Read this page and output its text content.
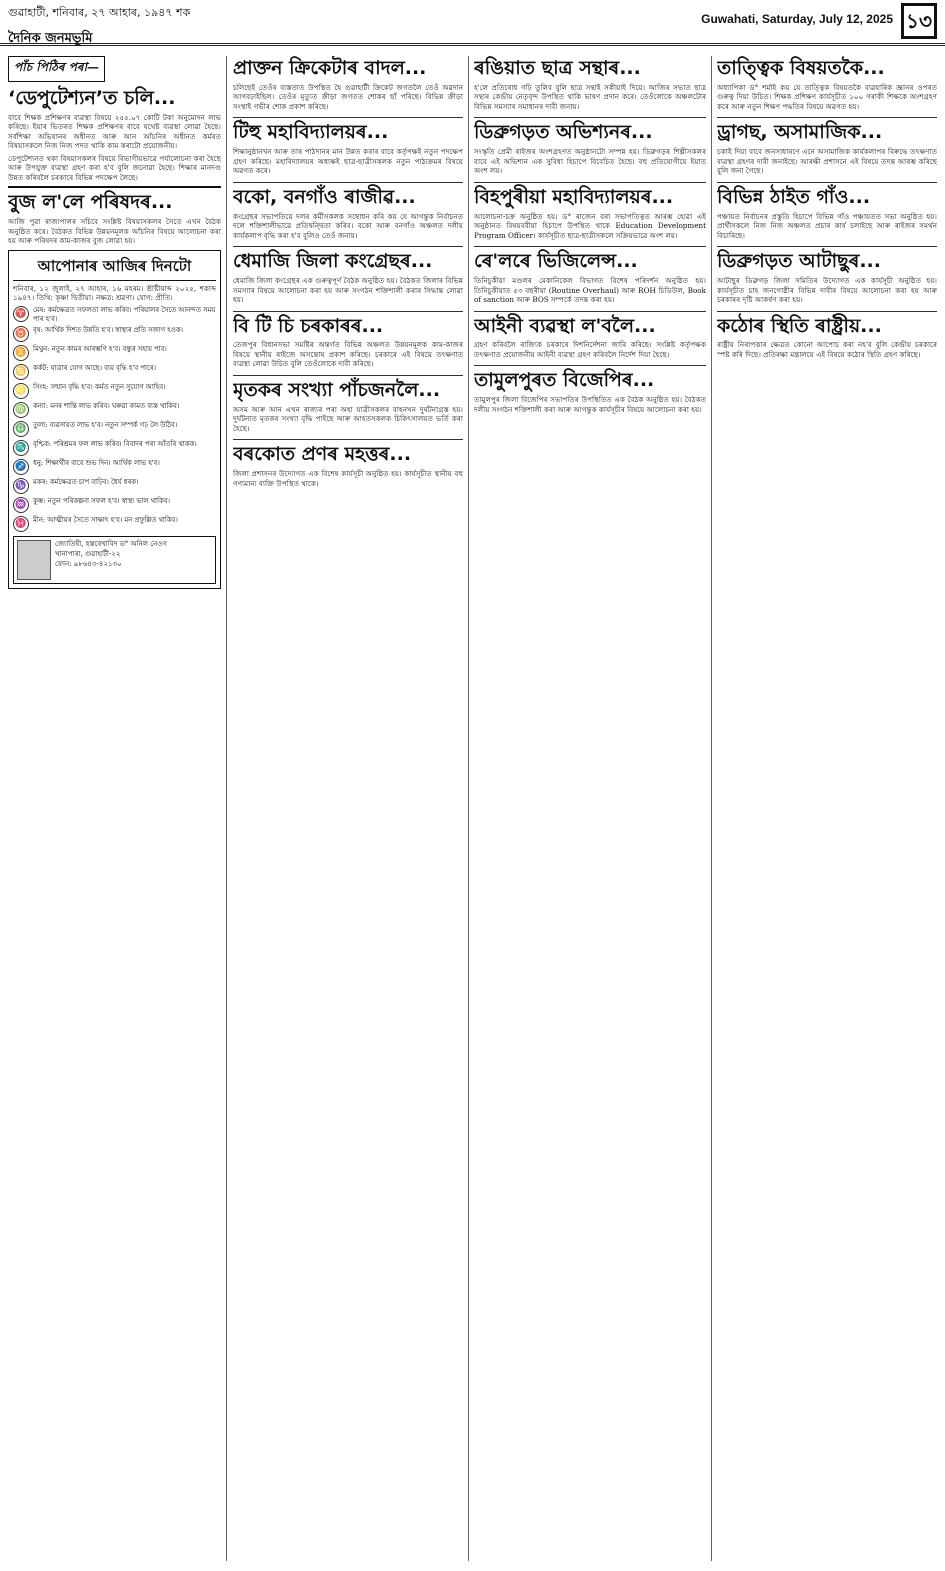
গুৱাহাটী, শনিবাৰ, ২৭ আহাৰ, ১৯৪৭ শক
দৈনিক জনমভূমি
Guwahati, Saturday, July 12, 2025 ১৩
পাঁচ পিঠিৰ পৰা—
‘ডেপুটেশ্যন’ত চলি...

বাবে শিক্ষক প্ৰশিক্ষণৰ ব্যৱস্থা বিষয়ে ২৫৫.০৭ কোটি টকা অনুমোদন লাভ কৰিছে। ইয়াৰ ভিতৰত শিক্ষক প্ৰশিক্ষণৰ বাবে যথেষ্ট ব্যৱস্থা লোৱা হৈছে। সৰ্বশিক্ষা অভিযানৰ অধীনত আৰু আন আঁচনিৰ অধীনত কৰ্মৰত বিষয়াসকলে নিজ নিজ পদত থাকি কাম কৰাটো প্ৰয়োজনীয়।

ডেপুটেশ্যনত থকা বিষয়াসকলৰ বিষয়ে বিভাগীয়ভাৱে পৰ্যালোচনা কৰা হৈছে আৰু উপযুক্ত ব্যৱস্থা গ্ৰহণ কৰা হ'ব বুলি জনোৱা হৈছে। শিক্ষাৰ মানদণ্ড উন্নত কৰিবলৈ চৰকাৰে বিভিন্ন পদক্ষেপ লৈছে।

বুজ ল'লে পৰিষদৰ...

আজি পুৱা ৰাজ্যপালৰ সচিবে সংশ্লিষ্ট বিষয়াসকলৰ সৈতে এখন বৈঠক অনুষ্ঠিত কৰে। বৈঠকত বিভিন্ন উন্নয়নমূলক আঁচনিৰ বিষয়ে আলোচনা কৰা হয় আৰু পৰিষদৰ কাম-কাজৰ বুজ লোৱা হয়।

আপোনাৰ আজিৰ দিনটো

শনিবাৰ, ১২ জুলাই, ২৭ আহাৰ, ১৬ মহৰম। শ্ৰীষ্টীয়াব্দ ২০২৫, শকাব্দ ১৯৪৭। তিথি: কৃষ্ণা দ্বিতীয়া। নক্ষত্ৰ: শ্ৰৱণা। যোগ: প্ৰীতি।

♈ মেষ: কৰ্মক্ষেত্ৰত সফলতা লাভ কৰিব। পৰিয়ালৰ সৈতে আনন্দত সময় পাৰ হ'ব।
♉ বৃষ: আৰ্থিক দিশত উন্নতি হ'ব। স্বাস্থ্যৰ প্ৰতি সজাগ হওক।
♊ মিথুন: নতুন কামৰ আৰম্ভণি হ'ব। বন্ধুৰ সহায় পাব।
♋ কৰ্কট: যাত্ৰাৰ যোগ আছে। ব্যয় বৃদ্ধি হ'ব পাৰে।
♌ সিংহ: সন্মান বৃদ্ধি হ'ব। কৰ্মত নতুন সুযোগ আহিব।
♍ কন্যা: মনৰ শান্তি লাভ কৰিব। ঘৰুৱা কামত ব্যস্ত থাকিব।
♎ তুলা: ব্যৱসায়ত লাভ হ'ব। নতুন সম্পৰ্ক গঢ় লৈ উঠিব।
♏ বৃশ্চিক: পৰিশ্ৰমৰ ফল লাভ কৰিব। বিবাদৰ পৰা আঁতৰি থাকক।
♐ ধনু: শিক্ষাৰ্থীৰ বাবে শুভ দিন। আৰ্থিক লাভ হ'ব।
♑ মকৰ: কৰ্মক্ষেত্ৰত চাপ বাঢ়িব। ধৈৰ্য ধৰক।
♒ কুম্ভ: নতুন পৰিকল্পনা সফল হ'ব। স্বাস্থ্য ভাল থাকিব।
♓ মীন: আত্মীয়ৰ সৈতে সাক্ষাৎ হ'ব। মন প্ৰফুল্লিত থাকিব।
জ্যোতিষী, হস্তৰেখাবিদ ড° অনিল নেওগ
খানাপাৰা, গুৱাহাটী-২২
ফোন: ৯৮৬৪৩-৪২১৩০
প্ৰাক্তন ক্ৰিকেটাৰ বাদল...

চলিছেই তেওঁৰ ব্যস্ততাত উপস্থিত হৈ গুৱাহাটী ক্ৰিকেট জগতলৈ তেওঁ অৱদান আগবঢ়াইছিল। তেওঁৰ মৃত্যুত ক্ৰীড়া জগতত শোকৰ ছাঁ পৰিছে। বিভিন্ন ক্ৰীড়া সংস্থাই গভীৰ শোক প্ৰকাশ কৰিছে।

টিহু মহাবিদ্যালয়ৰ...

শিক্ষানুষ্ঠানখন আৰু তাৰ পাঠদানৰ মান উন্নত কৰাৰ বাবে কৰ্তৃপক্ষই নতুন পদক্ষেপ গ্ৰহণ কৰিছে। মহাবিদ্যালয়ৰ অধ্যক্ষই ছাত্ৰ-ছাত্ৰীসকলক নতুন পাঠ্যক্ৰমৰ বিষয়ে অৱগত কৰে।

বকো, বনগাঁও ৰাজীৱ...

কংগ্ৰেছৰ সভাপতিয়ে দলৰ কৰ্মীসকলক সম্বোধন কৰি কয় যে আগন্তুক নিৰ্বাচনত দলে শক্তিশালীভাৱে প্ৰতিদ্বন্দ্বিতা কৰিব। বকো আৰু বনগাঁও অঞ্চলত দলীয় কাৰ্যকলাপ বৃদ্ধি কৰা হ'ব বুলিও তেওঁ জনায়।

ধেমাজি জিলা কংগ্ৰেছৰ...

ধেমাজি জিলা কংগ্ৰেছৰ এক গুৰুত্বপূৰ্ণ বৈঠক অনুষ্ঠিত হয়। বৈঠকত জিলাৰ বিভিন্ন সমস্যাৰ বিষয়ে আলোচনা কৰা হয় আৰু সংগঠন শক্তিশালী কৰাৰ সিদ্ধান্ত লোৱা হয়।

বি টি চি চৰকাৰৰ...

তেজপুৰ বিধানসভা সমষ্টিৰ অন্তৰ্গত বিভিন্ন অঞ্চলত উন্নয়নমূলক কাম-কাজৰ বিষয়ে স্থানীয় ৰাইজে অসন্তোষ প্ৰকাশ কৰিছে। চৰকাৰে এই বিষয়ে তৎক্ষণাত ব্যৱস্থা লোৱা উচিত বুলি তেওঁলোকে দাবী কৰিছে।

মৃতকৰ সংখ্যা পাঁচজনলৈ...

অসম আৰু আন এখন ৰাজ্যৰ পৰা অহা যাত্ৰীসকলৰ বাহনখন দুৰ্ঘটনাগ্ৰস্ত হয়। দুৰ্ঘটনাত মৃতকৰ সংখ্যা বৃদ্ধি পাইছে আৰু আহতসকলক চিকিৎসালয়ত ভৰ্তি কৰা হৈছে।

বৰকোত প্ৰণৰ মহত্তৰ...

জিলা প্ৰশাসনৰ উদ্যোগত এক বিশেষ কাৰ্যসূচী অনুষ্ঠিত হয়। কাৰ্যসূচীত স্থানীয় বহু গণ্যমান্য ব্যক্তি উপস্থিত থাকে।

ৰঙিয়াত ছাত্ৰ সন্থাৰ...

হ'লে প্ৰতিৰোধ গঢ়ি তুলিব বুলি ছাত্ৰ সন্থাই সকীয়াই দিয়ে। আজিৰ সভাত ছাত্ৰ সন্থাৰ কেন্দ্ৰীয় নেতৃবৃন্দ উপস্থিত থাকি ভাষণ প্ৰদান কৰে। তেওঁলোকে অঞ্চলটোৰ বিভিন্ন সমস্যাৰ সমাধানৰ দাবী জনায়।

ডিব্ৰুগড়ত অভিশ্যনৰ...

সংস্কৃতি প্ৰেমী ৰাইজৰ অংশগ্ৰহণত অনুষ্ঠানটো সম্পন্ন হয়। ডিব্ৰুগড়ৰ শিল্পীসকলৰ বাবে এই অভিশ্যন এক সুবিধা হিচাপে বিবেচিত হৈছে। বহু প্ৰতিযোগীয়ে ইয়াত অংশ লয়।

বিহপুৰীয়া মহাবিদ্যালয়ৰ...

আলোচনা-চক্ৰ অনুষ্ঠিত হয়। ড° ৰাজেন বৰা সভাপতিত্বত আৰম্ভ হোৱা এই অনুষ্ঠানত বিষয়ববীয়া হিচাপে উপস্থিত থাকে Education Development Program Officer। কাৰ্যসূচীত ছাত্ৰ-ছাত্ৰীসকলে সক্ৰিয়ভাৱে অংশ লয়।

ৰে'লৰে ভিজিলেন্স...

তিনিচুকীয়া মণ্ডলৰ মেকানিকেল বিভাগত বিশেষ পৰিদৰ্শন অনুষ্ঠিত হয়। তিনিচুকীয়াত ৫৩ বছৰীয়া (Routine Overhaul) আৰু ROH চিডিউল, Book of sanction আৰু BOS সম্পৰ্কে তদন্ত কৰা হয়।

আইনী ব্যৱস্থা ল'বলৈ...

গ্ৰহণ কৰিবলৈ ৰাজ্যিক চৰকাৰে দিশনিৰ্দেশনা জাৰি কৰিছে। সংশ্লিষ্ট কৰ্তৃপক্ষক তৎক্ষণাত প্ৰয়োজনীয় আইনী ব্যৱস্থা গ্ৰহণ কৰিবলৈ নিৰ্দেশ দিয়া হৈছে।

তামুলপুৰত বিজেপিৰ...

তামুলপুৰ জিলা বিজেপিৰ সভাপতিৰ উপস্থিতিত এক বৈঠক অনুষ্ঠিত হয়। বৈঠকত দলীয় সংগঠন শক্তিশালী কৰা আৰু আগন্তুক কাৰ্যসূচীৰ বিষয়ে আলোচনা কৰা হয়।

তাত্ত্বিক বিষয়তকৈ...

অধ্যাপিকা ড° শৰ্মাই কয় যে তাত্ত্বিক বিষয়তকৈ ব্যৱহাৰিক জ্ঞানৰ ওপৰত গুৰুত্ব দিয়া উচিত। শিক্ষক প্ৰশিক্ষণ কাৰ্যসূচীত ১০০ গৰাকী শিক্ষকে অংশগ্ৰহণ কৰে আৰু নতুন শিক্ষণ পদ্ধতিৰ বিষয়ে অৱগত হয়।

ড্ৰাগছ, অসামাজিক...

চকাই দিয়া বাবে জনসাধাৰণে এনে অসামাজিক কাৰ্যকলাপৰ বিৰুদ্ধে তৎক্ষণাত ব্যৱস্থা গ্ৰহণৰ দাবী জনাইছে। আৰক্ষী প্ৰশাসনে এই বিষয়ে তদন্ত আৰম্ভ কৰিছে বুলি জনা গৈছে।

বিভিন্ন ঠাইত গাঁও...

পঞ্চায়ত নিৰ্বাচনৰ প্ৰস্তুতি হিচাপে বিভিন্ন গাঁও পঞ্চায়তত সভা অনুষ্ঠিত হয়। প্ৰাৰ্থীসকলে নিজ নিজ অঞ্চলত প্ৰচাৰ কাৰ্য চলাইছে আৰু ৰাইজৰ সমৰ্থন বিচাৰিছে।

ডিব্ৰুগড়ত আটাছুৰ...

আটাছুৰ ডিব্ৰুগড় জিলা সমিতিৰ উদ্যোগত এক কাৰ্যসূচী অনুষ্ঠিত হয়। কাৰ্যসূচীত চাহ জনগোষ্ঠীৰ বিভিন্ন দাবীৰ বিষয়ে আলোচনা কৰা হয় আৰু চৰকাৰৰ দৃষ্টি আকৰ্ষণ কৰা হয়।

কঠোৰ স্থিতি ৰাষ্ট্ৰীয়...

ৰাষ্ট্ৰীয় নিৰাপত্তাৰ ক্ষেত্ৰত কোনো আপোচ কৰা নহ'ব বুলি কেন্দ্ৰীয় চৰকাৰে স্পষ্ট কৰি দিছে। প্ৰতিৰক্ষা মন্ত্ৰালয়ে এই বিষয়ে কঠোৰ স্থিতি গ্ৰহণ কৰিছে।
